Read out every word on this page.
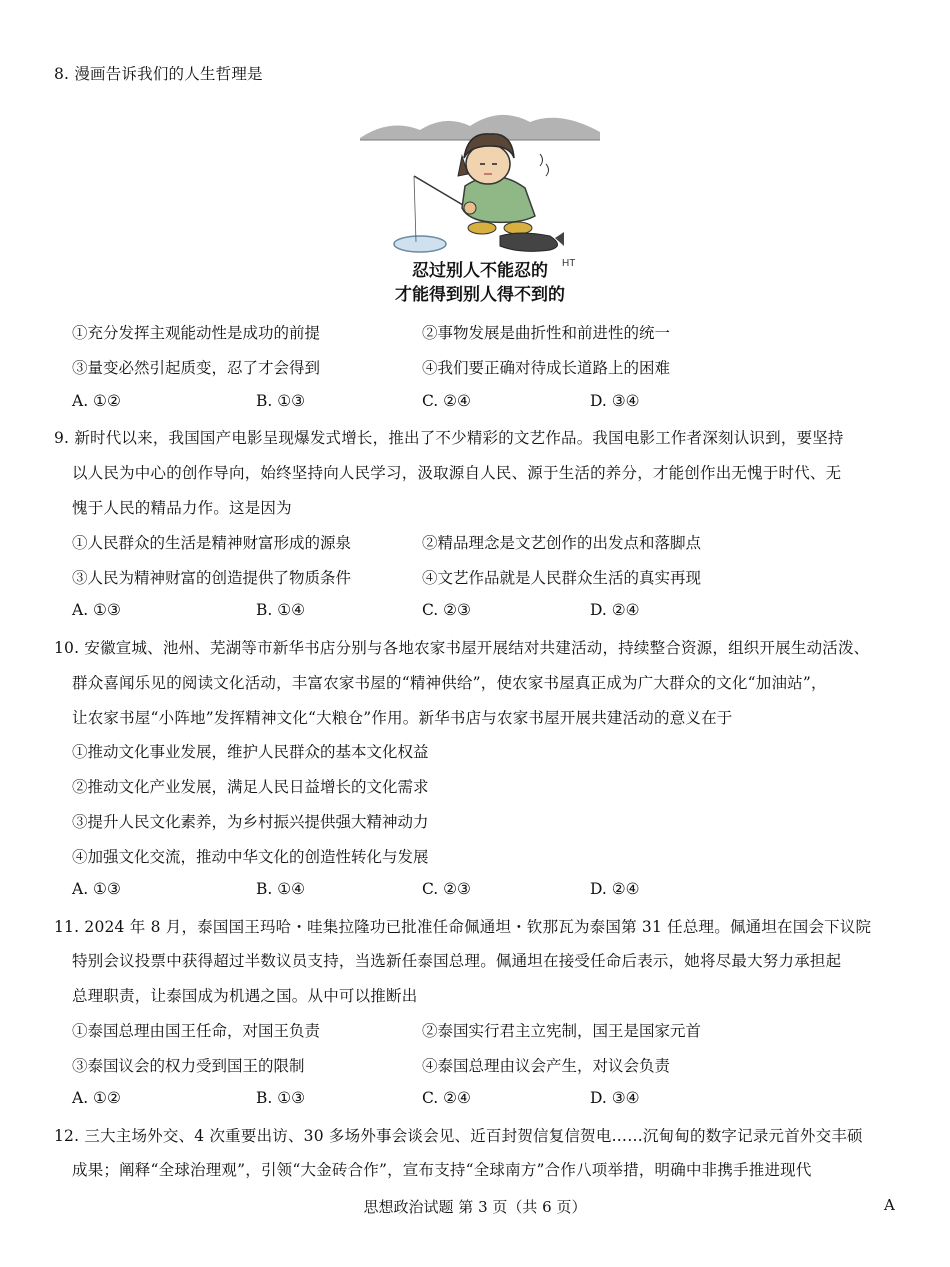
8. 漫画告诉我们的人生哲理是
HT
忍过别人不能忍的
才能得到别人得不到的
①充分发挥主观能动性是成功的前提	②事物发展是曲折性和前进性的统一
③量变必然引起质变，忍了才会得到	④我们要正确对待成长道路上的困难
A. ①②	B. ①③	C. ②④	D. ③④
9. 新时代以来，我国国产电影呈现爆发式增长，推出了不少精彩的文艺作品。我国电影工作者深刻认识到，要坚持
以人民为中心的创作导向，始终坚持向人民学习，汲取源自人民、源于生活的养分，才能创作出无愧于时代、无
愧于人民的精品力作。这是因为
①人民群众的生活是精神财富形成的源泉	②精品理念是文艺创作的出发点和落脚点
③人民为精神财富的创造提供了物质条件	④文艺作品就是人民群众生活的真实再现
A. ①③	B. ①④	C. ②③	D. ②④
10. 安徽宣城、池州、芜湖等市新华书店分别与各地农家书屋开展结对共建活动，持续整合资源，组织开展生动活泼、
群众喜闻乐见的阅读文化活动，丰富农家书屋的“精神供给”，使农家书屋真正成为广大群众的文化“加油站”，
让农家书屋“小阵地”发挥精神文化“大粮仓”作用。新华书店与农家书屋开展共建活动的意义在于
①推动文化事业发展，维护人民群众的基本文化权益
②推动文化产业发展，满足人民日益增长的文化需求
③提升人民文化素养，为乡村振兴提供强大精神动力
④加强文化交流，推动中华文化的创造性转化与发展
A. ①③	B. ①④	C. ②③	D. ②④
11. 2024 年 8 月，泰国国王玛哈・哇集拉隆功已批准任命佩通坦・钦那瓦为泰国第 31 任总理。佩通坦在国会下议院
特别会议投票中获得超过半数议员支持，当选新任泰国总理。佩通坦在接受任命后表示，她将尽最大努力承担起
总理职责，让泰国成为机遇之国。从中可以推断出
①泰国总理由国王任命，对国王负责	②泰国实行君主立宪制，国王是国家元首
③泰国议会的权力受到国王的限制	④泰国总理由议会产生，对议会负责
A. ①②	B. ①③	C. ②④	D. ③④
12. 三大主场外交、4 次重要出访、30 多场外事会谈会见、近百封贺信复信贺电……沉甸甸的数字记录元首外交丰硕
成果；阐释“全球治理观”，引领“大金砖合作”，宣布支持“全球南方”合作八项举措，明确中非携手推进现代
思想政治试题 第 3 页（共 6 页）	A
